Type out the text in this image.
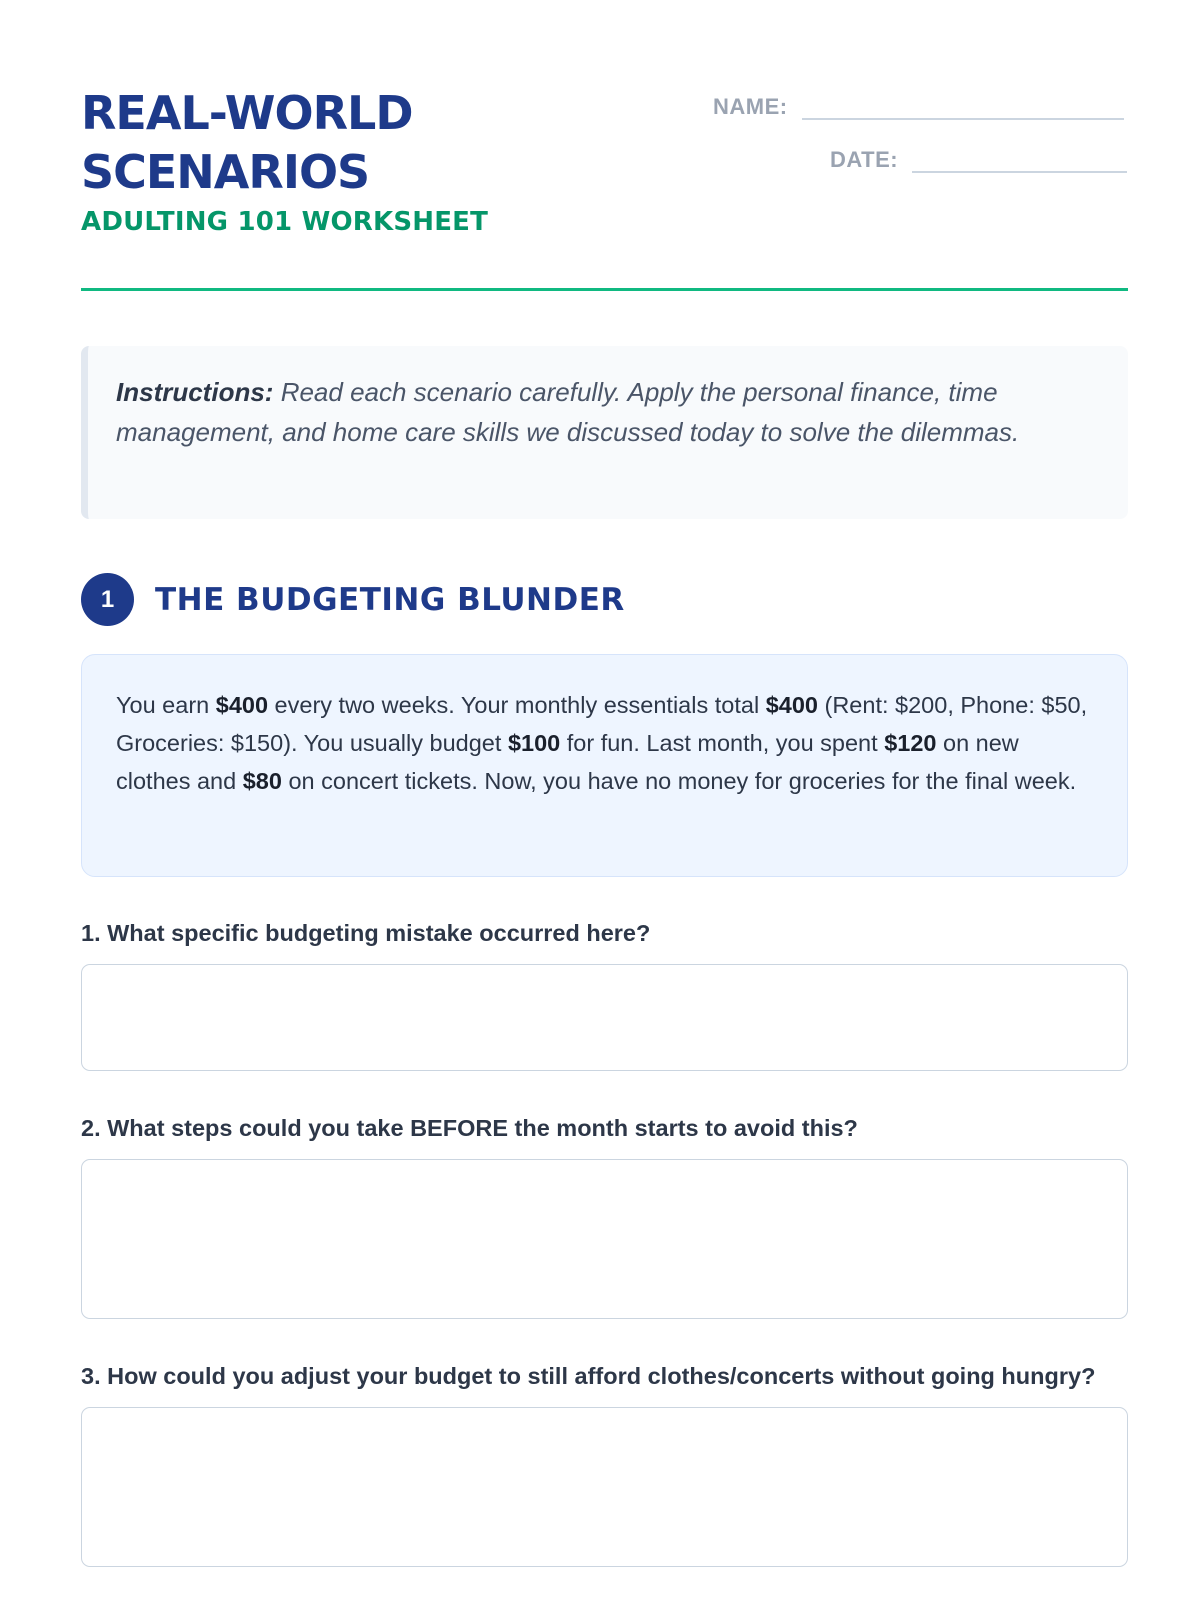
REAL-WORLD
SCENARIOS
ADULTING 101 WORKSHEET
NAME:
DATE:
Instructions: Read each scenario carefully. Apply the personal finance, time management, and home care skills we discussed today to solve the dilemmas.
1	THE BUDGETING BLUNDER
You earn $400 every two weeks. Your monthly essentials total $400 (Rent: $200, Phone: $50, Groceries: $150). You usually budget $100 for fun. Last month, you spent $120 on new clothes and $80 on concert tickets. Now, you have no money for groceries for the final week.

1. What specific budgeting mistake occurred here?

2. What steps could you take BEFORE the month starts to avoid this?

3. How could you adjust your budget to still afford clothes/concerts without going hungry?
